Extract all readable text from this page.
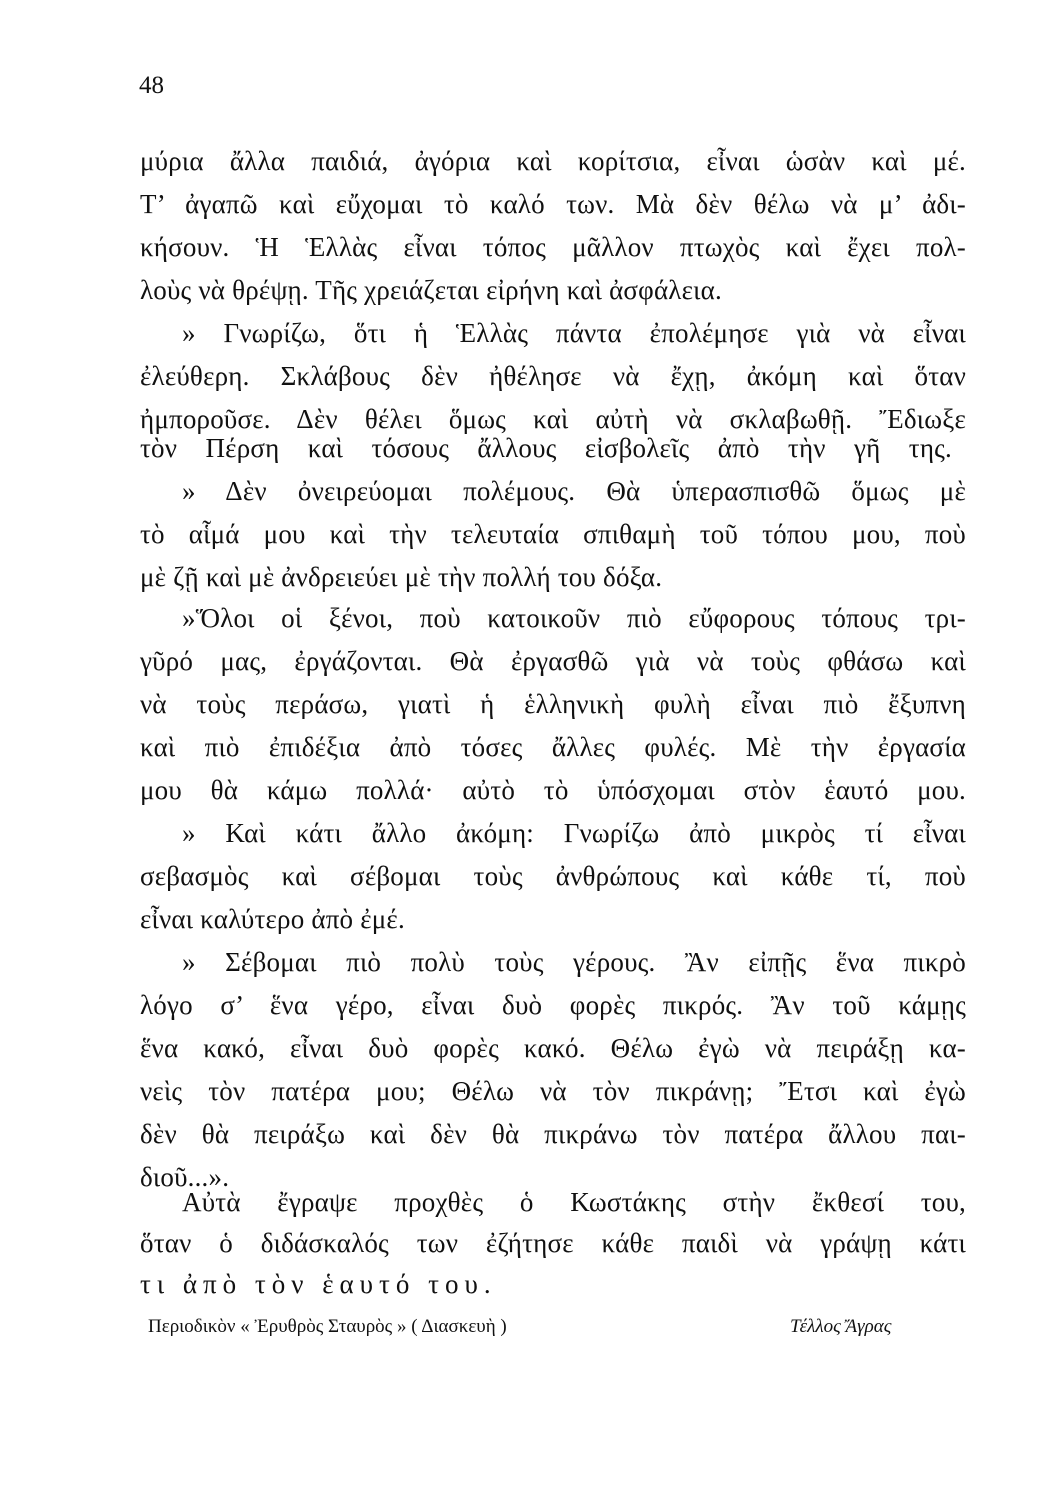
48
μύρια ἄλλα παιδιά, ἀγόρια καὶ κορίτσια, εἶναι ὡσὰν καὶ μέ.
Τ’ ἀγαπῶ καὶ εὔχομαι τὸ καλό των. Μὰ δὲν θέλω νὰ μ’ ἀδι-
κήσουν. Ἡ Ἑλλὰς εἶναι τόπος μᾶλλον πτωχὸς καὶ ἔχει πολ-
λοὺς νὰ θρέψῃ. Τῆς χρειάζεται εἰρήνη καὶ ἀσφάλεια.
» Γνωρίζω, ὅτι ἡ Ἑλλὰς πάντα ἐπολέμησε γιὰ νὰ εἶναι
ἐλεύθερη. Σκλάβους δὲν ἠθέλησε νὰ ἔχῃ, ἀκόμη καὶ ὅταν
ἠμποροῦσε. Δὲν θέλει ὅμως καὶ αὐτὴ νὰ σκλαβωθῇ. Ἔδιωξε
τὸν Πέρση καὶ τόσους ἄλλους εἰσβολεῖς ἀπὸ τὴν γῆ της.
» Δὲν ὀνειρεύομαι πολέμους. Θὰ ὑπερασπισθῶ ὅμως μὲ
τὸ αἷμά μου καὶ τὴν τελευταία σπιθαμὴ τοῦ τόπου μου, ποὺ
μὲ ζῇ καὶ μὲ ἀνδρειεύει μὲ τὴν πολλή του δόξα.
»Ὅλοι οἱ ξένοι, ποὺ κατοικοῦν πιὸ εὔφορους τόπους τρι-
γῦρό μας, ἐργάζονται. Θὰ ἐργασθῶ γιὰ νὰ τοὺς φθάσω καὶ
νὰ τοὺς περάσω, γιατὶ ἡ ἑλληνικὴ φυλὴ εἶναι πιὸ ἔξυπνη
καὶ πιὸ ἐπιδέξια ἀπὸ τόσες ἄλλες φυλές. Μὲ τὴν ἐργασία
μου θὰ κάμω πολλά· αὐτὸ τὸ ὑπόσχομαι στὸν ἑαυτό μου.
» Καὶ κάτι ἄλλο ἀκόμη: Γνωρίζω ἀπὸ μικρὸς τί εἶναι
σεβασμὸς καὶ σέβομαι τοὺς ἀνθρώπους καὶ κάθε τί, ποὺ
εἶναι καλύτερο ἀπὸ ἐμέ.
» Σέβομαι πιὸ πολὺ τοὺς γέρους. Ἂν εἰπῇς ἕνα πικρὸ
λόγο σ’ ἕνα γέρο, εἶναι δυὸ φορὲς πικρός. Ἂν τοῦ κάμῃς
ἕνα κακό, εἶναι δυὸ φορὲς κακό. Θέλω ἐγὼ νὰ πειράξῃ κα-
νεὶς τὸν πατέρα μου; Θέλω νὰ τὸν πικράνῃ; Ἔτσι καὶ ἐγὼ
δὲν θὰ πειράξω καὶ δὲν θὰ πικράνω τὸν πατέρα ἄλλου παι-
διοῦ...».
Αὐτὰ ἔγραψε προχθὲς ὁ Κωστάκης στὴν ἔκθεσί του,
ὅταν ὁ διδάσκαλός των ἐζήτησε κάθε παιδὶ νὰ γράψῃ κάτι
τι ἀπὸ τὸν ἑαυτό του.
Περιοδικὸν « Ἐρυθρὸς Σταυρὸς » ( Διασκευὴ )	Τέλλος Ἄγρας
